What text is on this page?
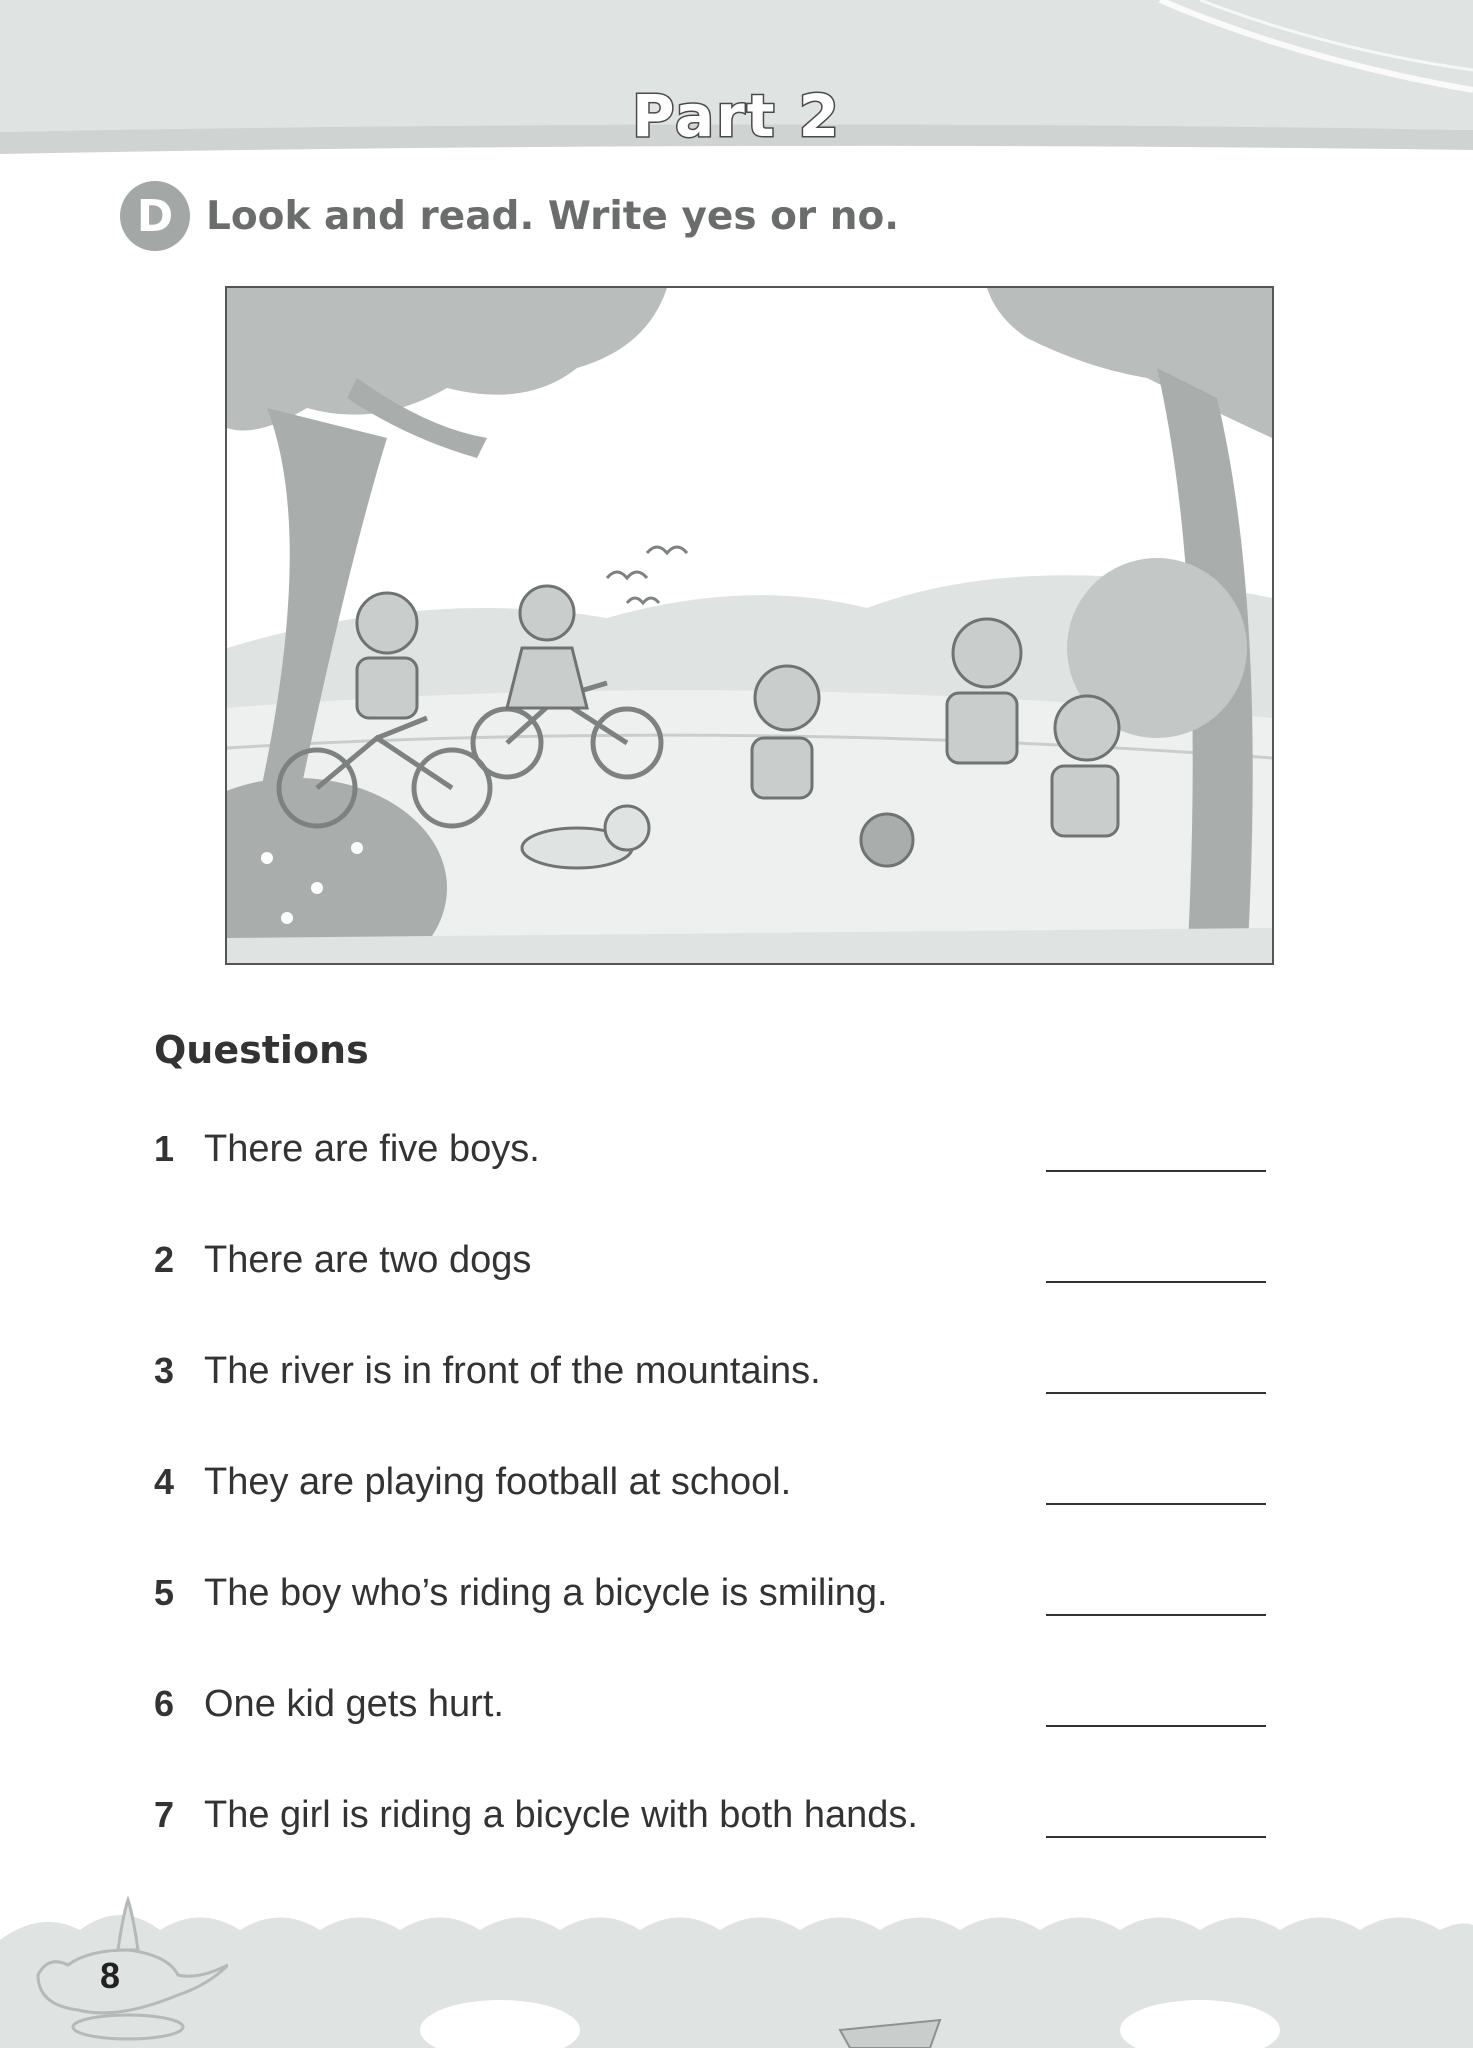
Part 2
D Look and read. Write yes or no.
Questions
1 There are five boys.
2 There are two dogs
3 The river is in front of the mountains.
4 They are playing football at school.
5 The boy who’s riding a bicycle is smiling.
6 One kid gets hurt.
7 The girl is riding a bicycle with both hands.
8
